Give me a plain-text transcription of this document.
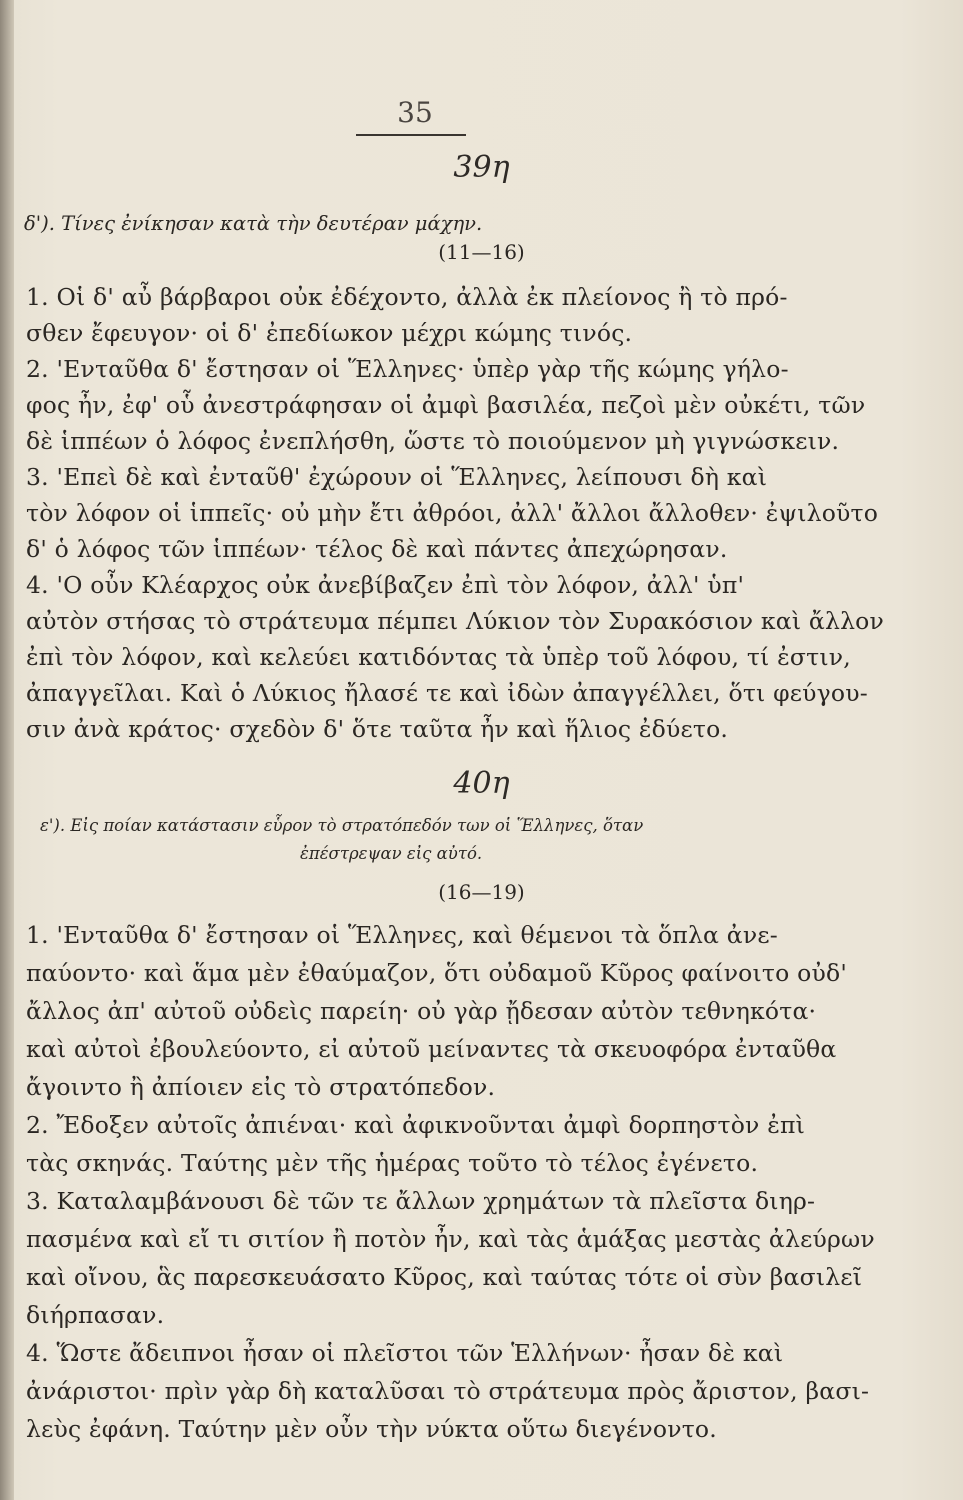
35
39η
δ'). Τίνες ἐνίκησαν κατὰ τὴν δευτέραν μάχην.
(11—16)
1. Οἱ δ' αὖ βάρβαροι οὐκ ἐδέχοντο, ἀλλὰ ἐκ πλείονος ἢ τὸ πρό-
σθεν ἔφευγον· οἱ δ' ἐπεδίωκον μέχρι κώμης τινός.
2. 'Ενταῦθα δ' ἔστησαν οἱ Ἕλληνες· ὑπὲρ γὰρ τῆς κώμης γήλο-
φος ἦν, ἐφ' οὗ ἀνεστράφησαν οἱ ἀμφὶ βασιλέα, πεζοὶ μὲν οὐκέτι, τῶν
δὲ ἱππέων ὁ λόφος ἐνεπλήσθη, ὥστε τὸ ποιούμενον μὴ γιγνώσκειν.
3. 'Επεὶ δὲ καὶ ἐνταῦθ' ἐχώρουν οἱ Ἕλληνες, λείπουσι δὴ καὶ
τὸν λόφον οἱ ἱππεῖς· οὐ μὴν ἔτι ἀθρόοι, ἀλλ' ἄλλοι ἄλλοθεν· ἐψιλοῦτο
δ' ὁ λόφος τῶν ἱππέων· τέλος δὲ καὶ πάντες ἀπεχώρησαν.
4. 'Ο οὖν Κλέαρχος οὐκ ἀνεβίβαζεν ἐπὶ τὸν λόφον, ἀλλ' ὑπ'
αὐτὸν στήσας τὸ στράτευμα πέμπει Λύκιον τὸν Συρακόσιον καὶ ἄλλον
ἐπὶ τὸν λόφον, καὶ κελεύει κατιδόντας τὰ ὑπὲρ τοῦ λόφου, τί ἐστιν,
ἀπαγγεῖλαι. Καὶ ὁ Λύκιος ἤλασέ τε καὶ ἰδὼν ἀπαγγέλλει, ὅτι φεύγου-
σιν ἀνὰ κράτος· σχεδὸν δ' ὅτε ταῦτα ἦν καὶ ἥλιος ἐδύετο.
40η
ε'). Εἰς ποίαν κατάστασιν εὗρον τὸ στρατόπεδόν των οἱ Ἕλληνες, ὅταν
ἐπέστρεψαν εἰς αὐτό.
(16—19)
1. 'Ενταῦθα δ' ἔστησαν οἱ Ἕλληνες, καὶ θέμενοι τὰ ὅπλα ἀνε-
παύοντο· καὶ ἅμα μὲν ἐθαύμαζον, ὅτι οὐδαμοῦ Κῦρος φαίνοιτο οὐδ'
ἄλλος ἀπ' αὐτοῦ οὐδεὶς παρείη· οὐ γὰρ ᾔδεσαν αὐτὸν τεθνηκότα·
καὶ αὐτοὶ ἐβουλεύοντο, εἰ αὐτοῦ μείναντες τὰ σκευοφόρα ἐνταῦθα
ἄγοιντο ἢ ἀπίοιεν εἰς τὸ στρατόπεδον.
2. Ἔδοξεν αὐτοῖς ἀπιέναι· καὶ ἀφικνοῦνται ἀμφὶ δορπηστὸν ἐπὶ
τὰς σκηνάς. Ταύτης μὲν τῆς ἡμέρας τοῦτο τὸ τέλος ἐγένετο.
3. Καταλαμβάνουσι δὲ τῶν τε ἄλλων χρημάτων τὰ πλεῖστα διηρ-
πασμένα καὶ εἴ τι σιτίον ἢ ποτὸν ἦν, καὶ τὰς ἁμάξας μεστὰς ἀλεύρων
καὶ οἴνου, ἃς παρεσκευάσατο Κῦρος, καὶ ταύτας τότε οἱ σὺν βασιλεῖ
διήρπασαν.
4. Ὥστε ἄδειπνοι ἦσαν οἱ πλεῖστοι τῶν Ἑλλήνων· ἦσαν δὲ καὶ
ἀνάριστοι· πρὶν γὰρ δὴ καταλῦσαι τὸ στράτευμα πρὸς ἄριστον, βασι-
λεὺς ἐφάνη. Ταύτην μὲν οὖν τὴν νύκτα οὕτω διεγένοντο.
